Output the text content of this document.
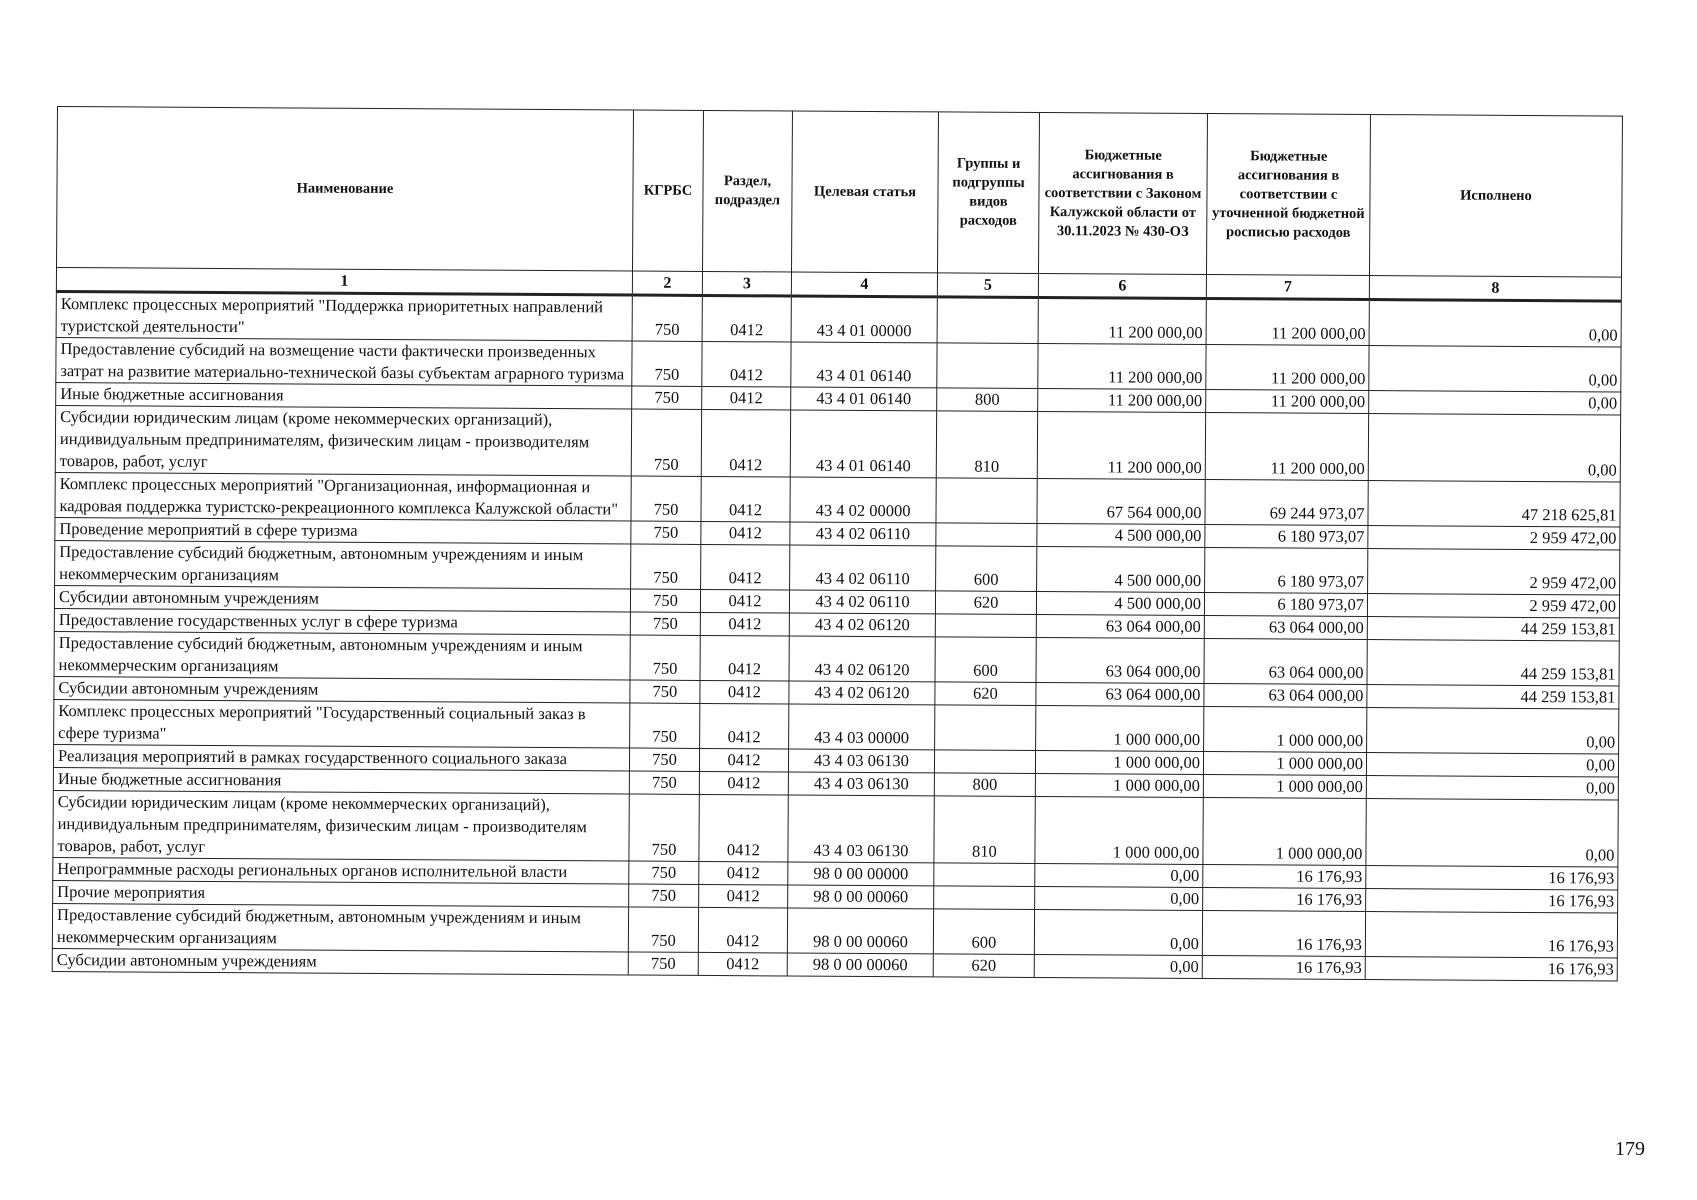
Наименование	КГРБС	Раздел, подраздел	Целевая статья	Группы и подгруппы видов расходов	Бюджетные ассигнования в соответствии с Законом Калужской области от 30.11.2023 № 430-ОЗ	Бюджетные ассигнования в соответствии с уточненной бюджетной росписью расходов	Исполнено
1	2	3	4	5	6	7	8
Комплекс процессных мероприятий "Поддержка приоритетных направлений туристской деятельности"	750	0412	43 4 01 00000		11 200 000,00	11 200 000,00	0,00
Предоставление субсидий на возмещение части фактически произведенных затрат на развитие материально-технической базы субъектам аграрного туризма	750	0412	43 4 01 06140		11 200 000,00	11 200 000,00	0,00
Иные бюджетные ассигнования	750	0412	43 4 01 06140	800	11 200 000,00	11 200 000,00	0,00
Субсидии юридическим лицам (кроме некоммерческих организаций), индивидуальным предпринимателям, физическим лицам - производителям товаров, работ, услуг	750	0412	43 4 01 06140	810	11 200 000,00	11 200 000,00	0,00
Комплекс процессных мероприятий "Организационная, информационная и кадровая поддержка туристско-рекреационного комплекса Калужской области"	750	0412	43 4 02 00000		67 564 000,00	69 244 973,07	47 218 625,81
Проведение мероприятий в сфере туризма	750	0412	43 4 02 06110		4 500 000,00	6 180 973,07	2 959 472,00
Предоставление субсидий бюджетным, автономным учреждениям и иным некоммерческим организациям	750	0412	43 4 02 06110	600	4 500 000,00	6 180 973,07	2 959 472,00
Субсидии автономным учреждениям	750	0412	43 4 02 06110	620	4 500 000,00	6 180 973,07	2 959 472,00
Предоставление государственных услуг в сфере туризма	750	0412	43 4 02 06120		63 064 000,00	63 064 000,00	44 259 153,81
Предоставление субсидий бюджетным, автономным учреждениям и иным некоммерческим организациям	750	0412	43 4 02 06120	600	63 064 000,00	63 064 000,00	44 259 153,81
Субсидии автономным учреждениям	750	0412	43 4 02 06120	620	63 064 000,00	63 064 000,00	44 259 153,81
Комплекс процессных мероприятий "Государственный социальный заказ в сфере туризма"	750	0412	43 4 03 00000		1 000 000,00	1 000 000,00	0,00
Реализация мероприятий в рамках государственного социального заказа	750	0412	43 4 03 06130		1 000 000,00	1 000 000,00	0,00
Иные бюджетные ассигнования	750	0412	43 4 03 06130	800	1 000 000,00	1 000 000,00	0,00
Субсидии юридическим лицам (кроме некоммерческих организаций), индивидуальным предпринимателям, физическим лицам - производителям товаров, работ, услуг	750	0412	43 4 03 06130	810	1 000 000,00	1 000 000,00	0,00
Непрограммные расходы региональных органов исполнительной власти	750	0412	98 0 00 00000		0,00	16 176,93	16 176,93
Прочие мероприятия	750	0412	98 0 00 00060		0,00	16 176,93	16 176,93
Предоставление субсидий бюджетным, автономным учреждениям и иным некоммерческим организациям	750	0412	98 0 00 00060	600	0,00	16 176,93	16 176,93
Субсидии автономным учреждениям	750	0412	98 0 00 00060	620	0,00	16 176,93	16 176,93
179
